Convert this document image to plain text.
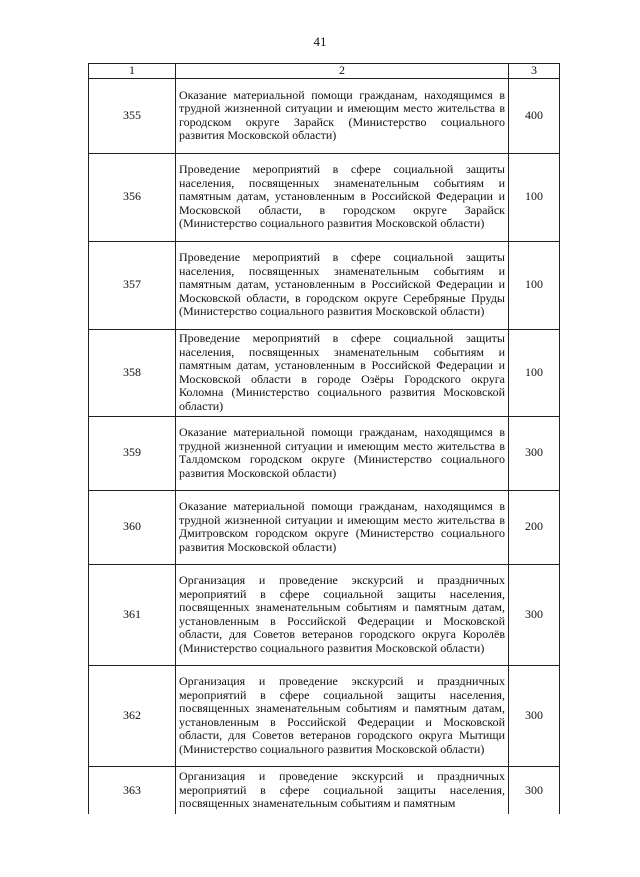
41
1	2	3
355	Оказание материальной помощи гражданам, находящимся в трудной жизненной ситуации и имеющим место жительства в городском округе Зарайск (Министерство социального развития Московской области)	400
356	Проведение мероприятий в сфере социальной защиты населения, посвященных знаменательным событиям и памятным датам, установленным в Российской Федерации и Московской области, в городском округе Зарайск (Министерство социального развития Московской области)	100
357	Проведение мероприятий в сфере социальной защиты населения, посвященных знаменательным событиям и памятным датам, установленным в Российской Федерации и Московской области, в городском округе Серебряные Пруды (Министерство социального развития Московской области)	100
358	Проведение мероприятий в сфере социальной защиты населения, посвященных знаменательным событиям и памятным датам, установленным в Российской Федерации и Московской области в городе Озёры Городского округа Коломна (Министерство социального развития Московской области)	100
359	Оказание материальной помощи гражданам, находящимся в трудной жизненной ситуации и имеющим место жительства в Талдомском городском округе (Министерство социального развития Московской области)	300
360	Оказание материальной помощи гражданам, находящимся в трудной жизненной ситуации и имеющим место жительства в Дмитровском городском округе (Министерство социального развития Московской области)	200
361	Организация и проведение экскурсий и праздничных мероприятий в сфере социальной защиты населения, посвященных знаменательным событиям и памятным датам, установленным в Российской Федерации и Московской области, для Советов ветеранов городского округа Королёв (Министерство социального развития Московской области)	300
362	Организация и проведение экскурсий и праздничных мероприятий в сфере социальной защиты населения, посвященных знаменательным событиям и памятным датам, установленным в Российской Федерации и Московской области, для Советов ветеранов городского округа Мытищи (Министерство социального развития Московской области)	300
363	Организация и проведение экскурсий и праздничных мероприятий в сфере социальной защиты населения, посвященных знаменательным событиям и памятным	300
